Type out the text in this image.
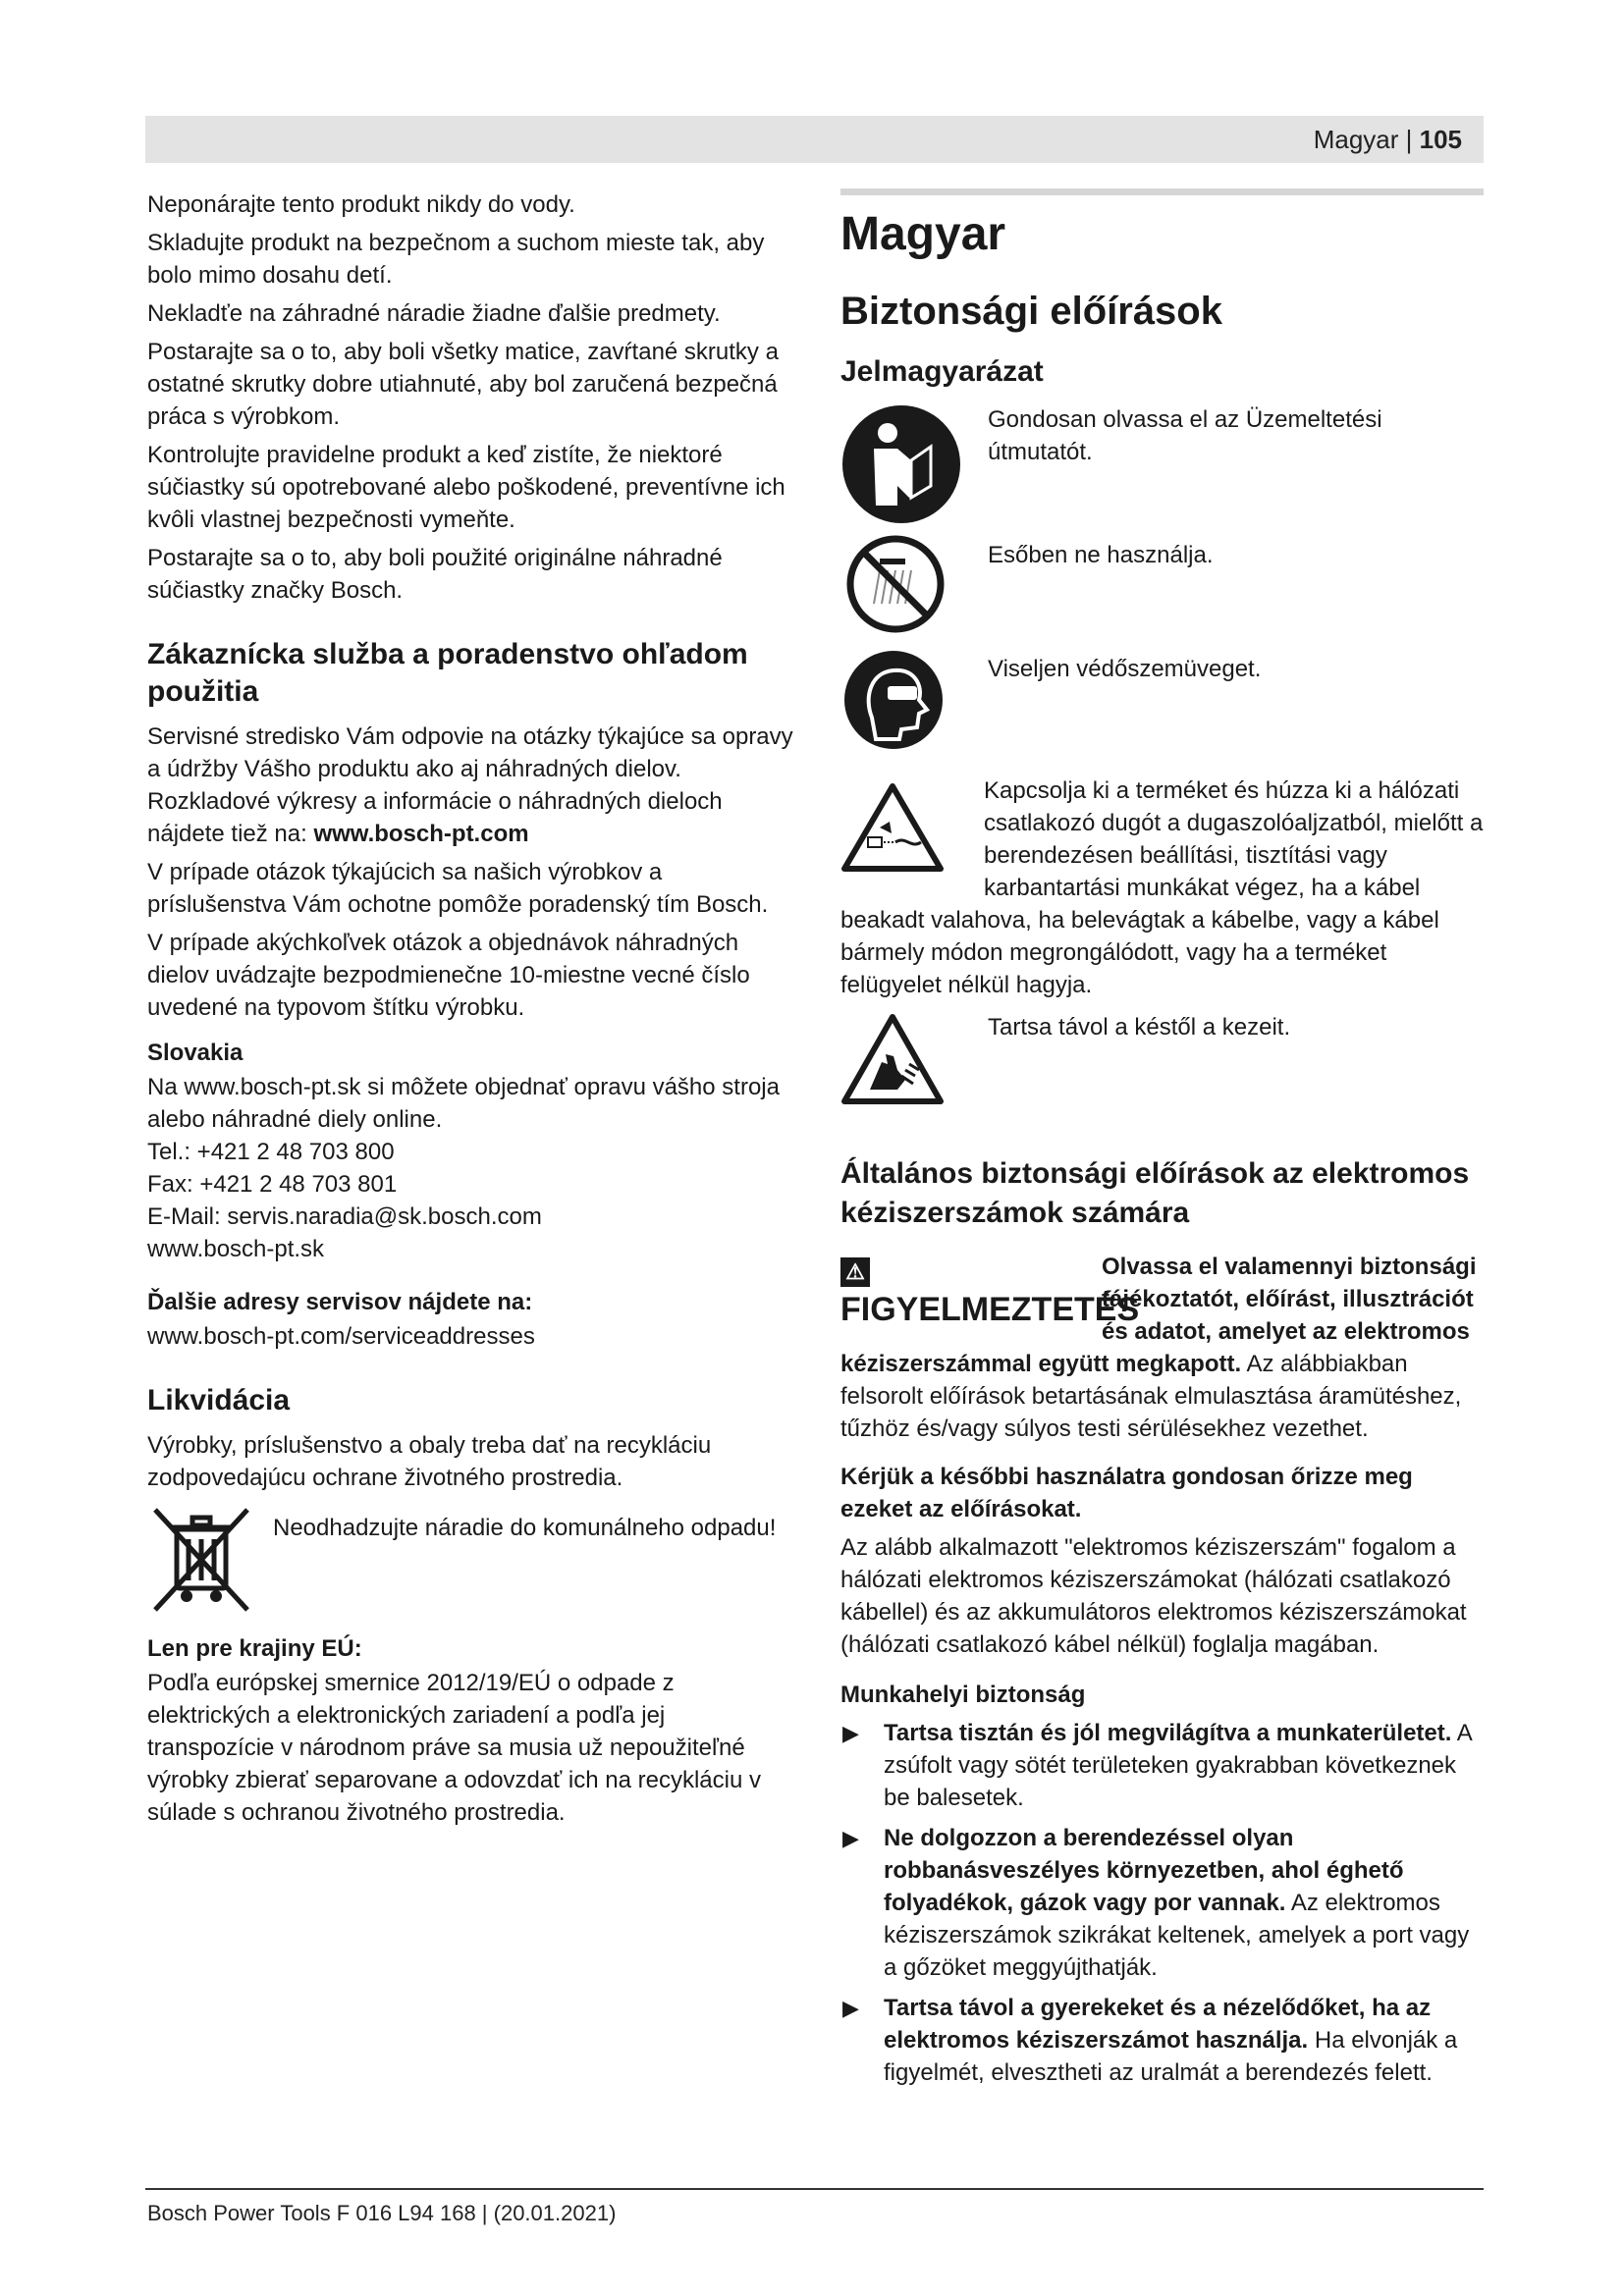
Magyar | 105

Neponárajte tento produkt nikdy do vody.

Skladujte produkt na bezpečnom a suchom mieste tak, aby bolo mimo dosahu detí.

Nekladťe na záhradné náradie žiadne ďalšie predmety.

Postarajte sa o to, aby boli všetky matice, zavŕtané skrutky a ostatné skrutky dobre utiahnuté, aby bol zaručená bezpečná práca s výrobkom.

Kontrolujte pravidelne produkt a keď zistíte, že niektoré súčiastky sú opotrebované alebo poškodené, preventívne ich kvôli vlastnej bezpečnosti vymeňte.

Postarajte sa o to, aby boli použité originálne náhradné súčiastky značky Bosch.

Zákaznícka služba a poradenstvo ohľadom použitia

Servisné stredisko Vám odpovie na otázky týkajúce sa opravy a údržby Vášho produktu ako aj náhradných dielov. Rozkladové výkresy a informácie o náhradných dieloch nájdete tiež na: www.bosch-pt.com

V prípade otázok týkajúcich sa našich výrobkov a príslušenstva Vám ochotne pomôže poradenský tím Bosch.

V prípade akýchkoľvek otázok a objednávok náhradných dielov uvádzajte bezpodmienečne 10-miestne vecné číslo uvedené na typovom štítku výrobku.

Slovakia
Na www.bosch-pt.sk si môžete objednať opravu vášho stroja alebo náhradné diely online.
Tel.: +421 2 48 703 800
Fax: +421 2 48 703 801
E-Mail: servis.naradia@sk.bosch.com
www.bosch-pt.sk
Ďalšie adresy servisov nájdete na:

www.bosch-pt.com/serviceaddresses

Likvidácia

Výrobky, príslušenstvo a obaly treba dať na recykláciu zodpovedajúcu ochrane životného prostredia.

Neodhadzujte náradie do komunálneho odpadu!
Len pre krajiny EÚ:

Podľa európskej smernice 2012/19/EÚ o odpade z elektrických a elektronických zariadení a podľa jej transpozície v národnom práve sa musia už nepoužiteľné výrobky zbierať separovane a odovzdať ich na recykláciu v súlade s ochranou životného prostredia.

Magyar
Biztonsági előírások
Jelmagyarázat
Gondosan olvassa el az Üzemeltetési útmutatót.
Esőben ne használja.
Viseljen védőszemüveget.
Kapcsolja ki a terméket és húzza ki a hálózati csatlakozó dugót a dugaszolóaljzatból, mielőtt a berendezésen beállítási, tisztítási vagy karbantartási munkákat végez, ha a kábel beakadt valahova, ha belevágtak a kábelbe, vagy a kábel bármely módon megrongálódott, vagy ha a terméket felügyelet nélkül hagyja.
Tartsa távol a késtől a kezeit.
Általános biztonsági előírások az elektromos kéziszerszámok számára
⚠FIGYELMEZTETÉS

Olvassa el valamennyi biztonsági tájékoztatót, előírást, illusztrációt és adatot, amelyet az elektromos kéziszerszámmal együtt megkapott. Az alábbiakban felsorolt előírások betartásának elmulasztása áramütéshez, tűzhöz és/vagy súlyos testi sérülésekhez vezethet.

Kérjük a későbbi használatra gondosan őrizze meg ezeket az előírásokat.

Az alább alkalmazott "elektromos kéziszerszám" fogalom a hálózati elektromos kéziszerszámokat (hálózati csatlakozó kábellel) és az akkumulátoros elektromos kéziszerszámokat (hálózati csatlakozó kábel nélkül) foglalja magában.

Munkahelyi biztonság
▶ Tartsa tisztán és jól megvilágítva a munkaterületet. A zsúfolt vagy sötét területeken gyakrabban következnek be balesetek.
▶ Ne dolgozzon a berendezéssel olyan robbanásveszélyes környezetben, ahol éghető folyadékok, gázok vagy por vannak. Az elektromos kéziszerszámok szikrákat keltenek, amelyek a port vagy a gőzöket meggyújthatják.
▶ Tartsa távol a gyerekeket és a nézelődőket, ha az elektromos kéziszerszámot használja. Ha elvonják a figyelmét, elvesztheti az uralmát a berendezés felett.
Bosch Power Tools F 016 L94 168 | (20.01.2021)
